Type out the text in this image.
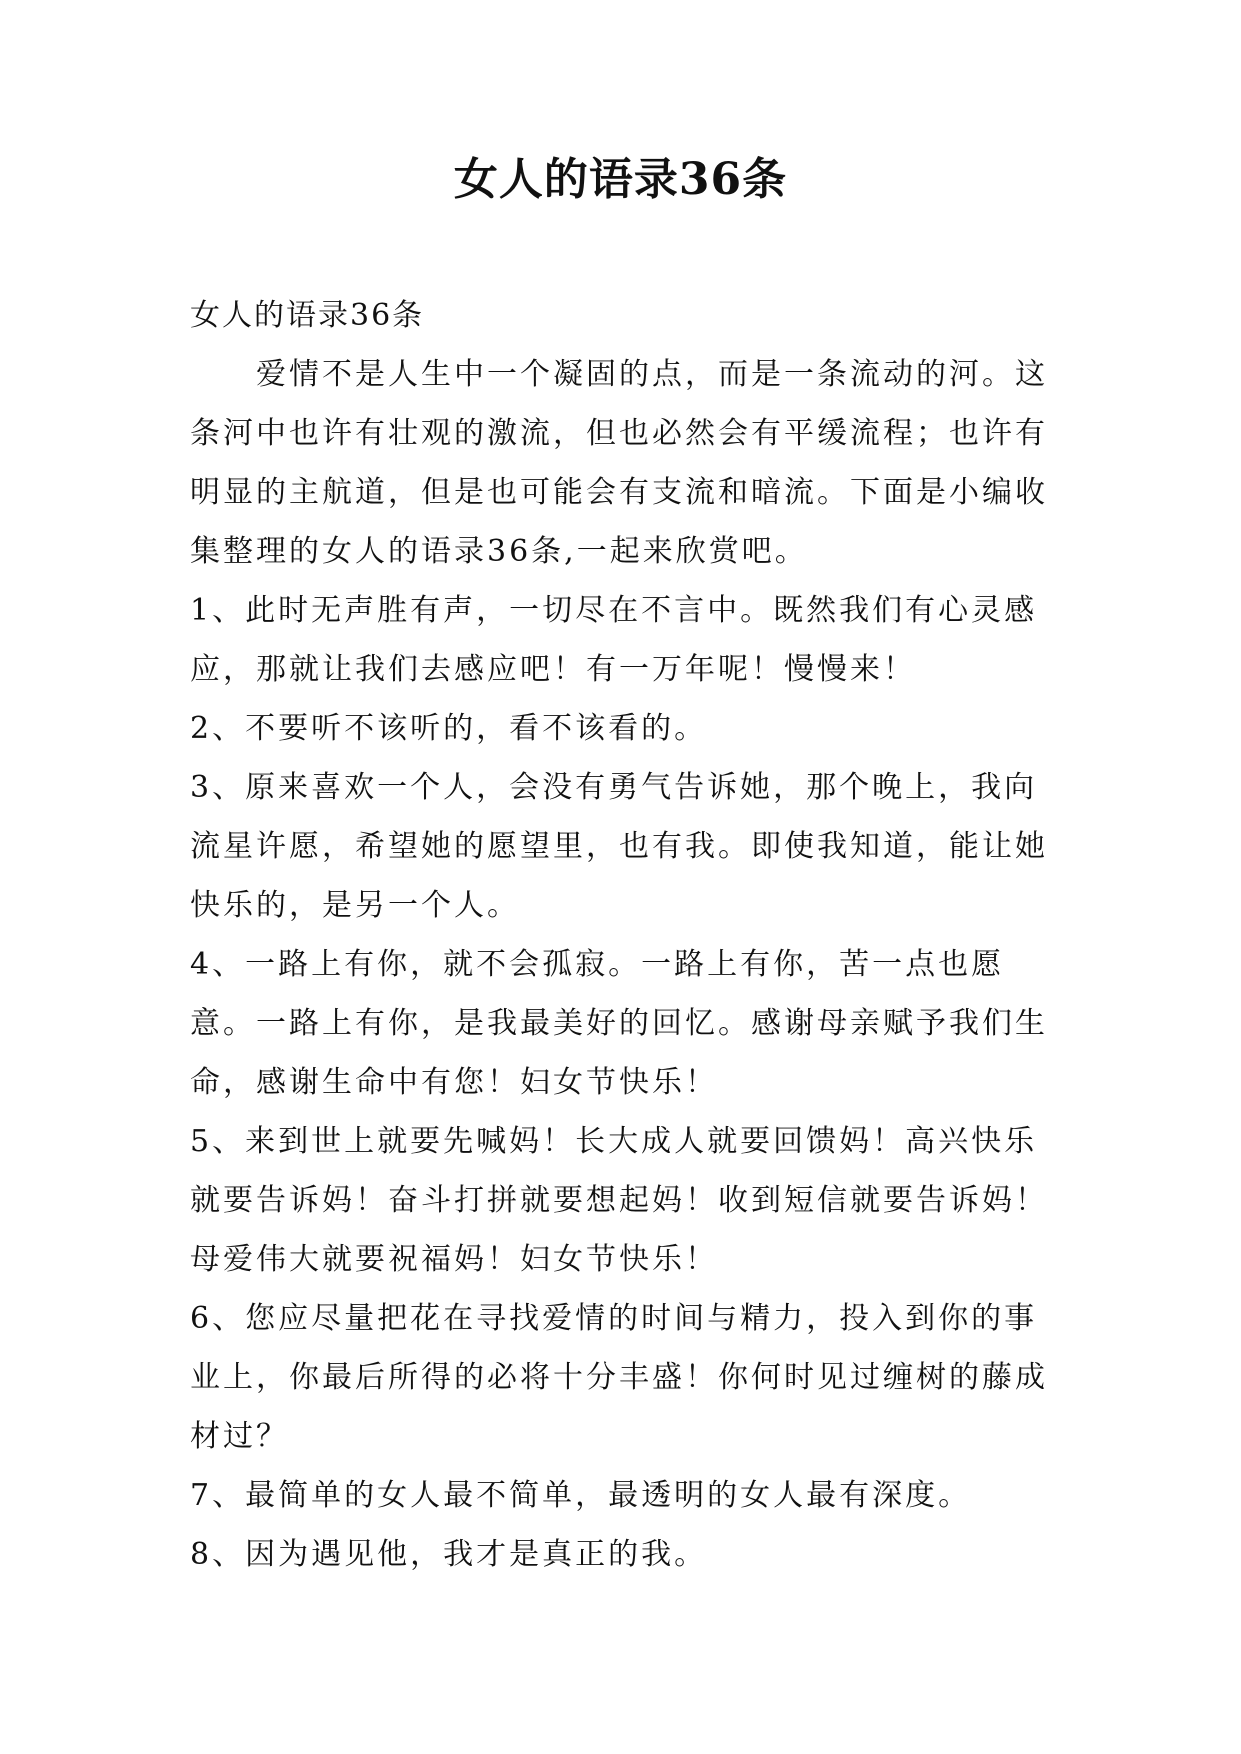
女人的语录36条

女人的语录36条

爱情不是人生中一个凝固的点，而是一条流动的河。这条河中也许有壮观的激流，但也必然会有平缓流程；也许有明显的主航道，但是也可能会有支流和暗流。下面是小编收集整理的女人的语录36条,一起来欣赏吧。

1、此时无声胜有声，一切尽在不言中。既然我们有心灵感应，那就让我们去感应吧！有一万年呢！慢慢来！

2、不要听不该听的，看不该看的。

3、原来喜欢一个人，会没有勇气告诉她，那个晚上，我向流星许愿，希望她的愿望里，也有我。即使我知道，能让她快乐的，是另一个人。

4、一路上有你，就不会孤寂。一路上有你，苦一点也愿意。一路上有你，是我最美好的回忆。感谢母亲赋予我们生命，感谢生命中有您！妇女节快乐！

5、来到世上就要先喊妈！长大成人就要回馈妈！高兴快乐就要告诉妈！奋斗打拼就要想起妈！收到短信就要告诉妈！母爱伟大就要祝福妈！妇女节快乐！

6、您应尽量把花在寻找爱情的时间与精力，投入到你的事业上，你最后所得的必将十分丰盛！你何时见过缠树的藤成材过？

7、最简单的女人最不简单，最透明的女人最有深度。

8、因为遇见他，我才是真正的我。
